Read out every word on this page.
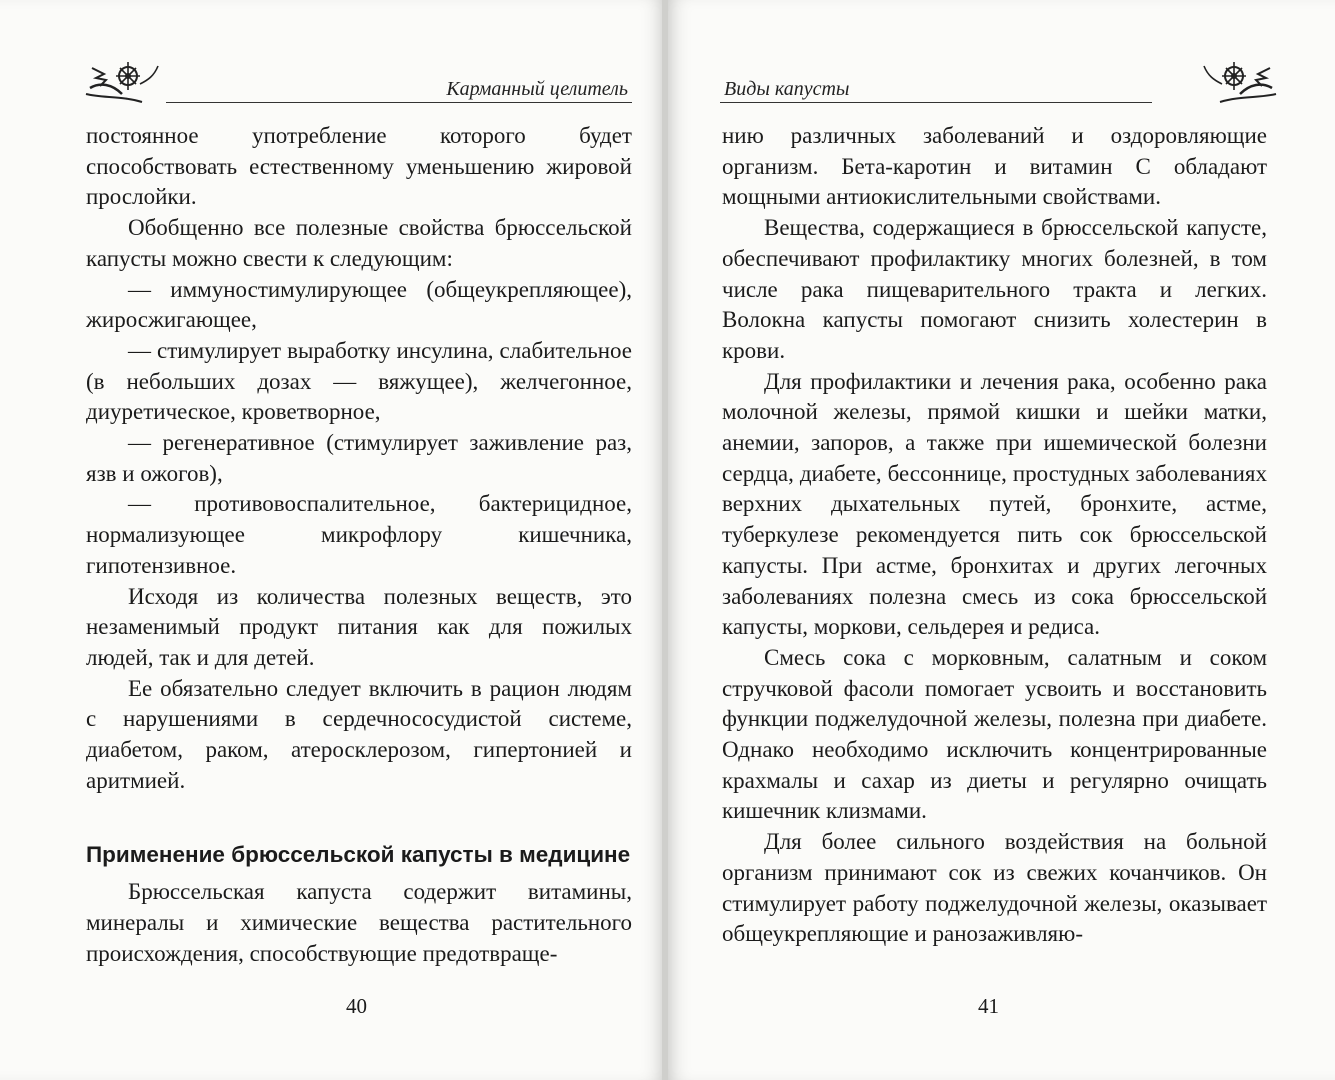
Карманный целитель

постоянное употребление которого будет способствовать естественному уменьшению жировой прослойки.

Обобщенно все полезные свойства брюссельской капусты можно свести к следующим:

— иммуностимулирующее (общеукрепляющее), жиросжигающее,

— стимулирует выработку инсулина, слабительное (в небольших дозах — вяжущее), желчегонное, диуретическое, кроветворное,

— регенеративное (стимулирует заживление раз, язв и ожогов),

— противовоспалительное, бактерицидное, нормализующее микрофлору кишечника, гипотензивное.

Исходя из количества полезных веществ, это незаменимый продукт питания как для пожилых людей, так и для детей.

Ее обязательно следует включить в рацион людям с нарушениями в сердечнососудистой системе, диабетом, раком, атеросклерозом, гипертонией и аритмией.

Применение брюссельской капусты в медицине

Брюссельская капуста содержит витамины, минералы и химические вещества растительного происхождения, способствующие предотвраще-

40
Виды капусты

нию различных заболеваний и оздоровляющие организм. Бета-каротин и витамин С обладают мощными антиокислительными свойствами.

Вещества, содержащиеся в брюссельской капусте, обеспечивают профилактику многих болезней, в том числе рака пищеварительного тракта и легких. Волокна капусты помогают снизить холестерин в крови.

Для профилактики и лечения рака, особенно рака молочной железы, прямой кишки и шейки матки, анемии, запоров, а также при ишемической болезни сердца, диабете, бессоннице, простудных заболеваниях верхних дыхательных путей, бронхите, астме, туберкулезе рекомендуется пить сок брюссельской капусты. При астме, бронхитах и других легочных заболеваниях полезна смесь из сока брюссельской капусты, моркови, сельдерея и редиса.

Смесь сока с морковным, салатным и соком стручковой фасоли помогает усвоить и восстановить функции поджелудочной железы, полезна при диабете. Однако необходимо исключить концентрированные крахмалы и сахар из диеты и регулярно очищать кишечник клизмами.

Для более сильного воздействия на больной организм принимают сок из свежих кочанчиков. Он стимулирует работу поджелудочной железы, оказывает общеукрепляющие и ранозаживляю-

41
